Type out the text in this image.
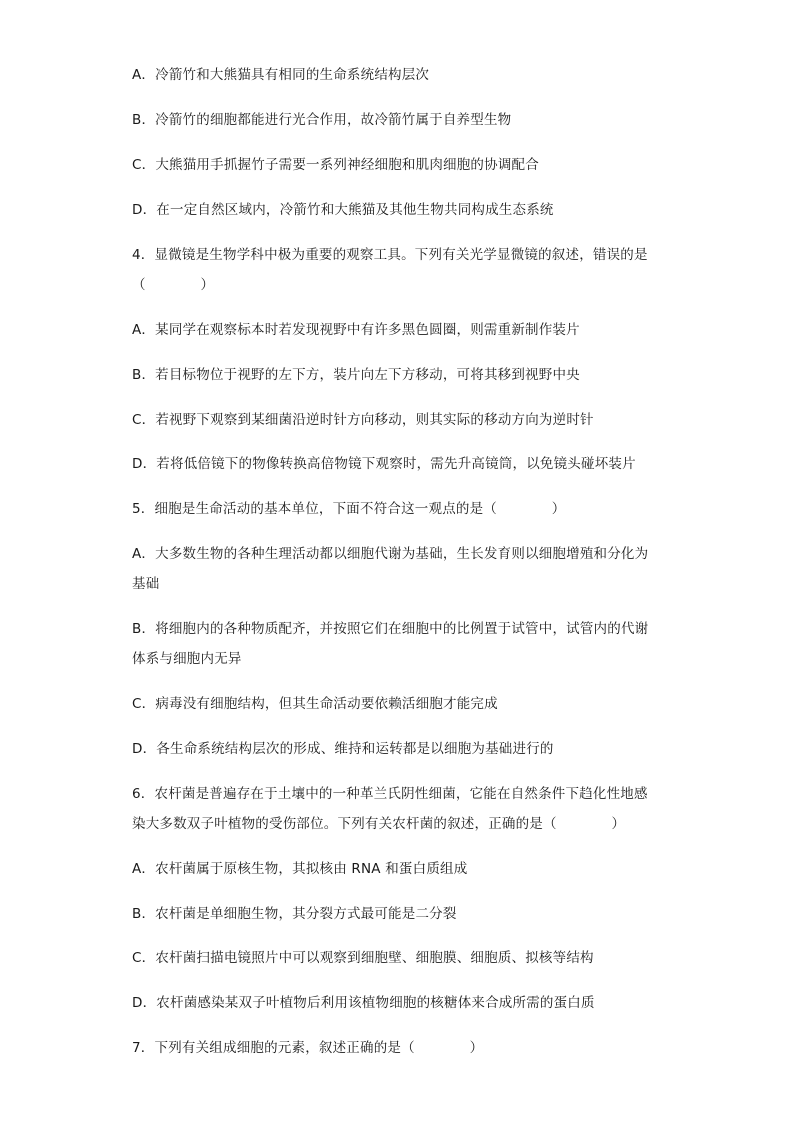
A．冷箭竹和大熊猫具有相同的生命系统结构层次
B．冷箭竹的细胞都能进行光合作用，故冷箭竹属于自养型生物
C．大熊猫用手抓握竹子需要一系列神经细胞和肌肉细胞的协调配合
D．在一定自然区域内，冷箭竹和大熊猫及其他生物共同构成生态系统
4．显微镜是生物学科中极为重要的观察工具。下列有关光学显微镜的叙述，错误的是
（　　　　）
A．某同学在观察标本时若发现视野中有许多黑色圆圈，则需重新制作装片
B．若目标物位于视野的左下方，装片向左下方移动，可将其移到视野中央
C．若视野下观察到某细菌沿逆时针方向移动，则其实际的移动方向为逆时针
D．若将低倍镜下的物像转换高倍物镜下观察时，需先升高镜筒，以免镜头碰坏装片
5．细胞是生命活动的基本单位，下面不符合这一观点的是（　　　　）
A．大多数生物的各种生理活动都以细胞代谢为基础，生长发育则以细胞增殖和分化为
基础
B．将细胞内的各种物质配齐，并按照它们在细胞中的比例置于试管中，试管内的代谢
体系与细胞内无异
C．病毒没有细胞结构，但其生命活动要依赖活细胞才能完成
D．各生命系统结构层次的形成、维持和运转都是以细胞为基础进行的
6．农杆菌是普遍存在于土壤中的一种革兰氏阴性细菌，它能在自然条件下趋化性地感
染大多数双子叶植物的受伤部位。下列有关农杆菌的叙述，正确的是（　　　　）
A．农杆菌属于原核生物，其拟核由 RNA 和蛋白质组成
B．农杆菌是单细胞生物，其分裂方式最可能是二分裂
C．农杆菌扫描电镜照片中可以观察到细胞壁、细胞膜、细胞质、拟核等结构
D．农杆菌感染某双子叶植物后利用该植物细胞的核糖体来合成所需的蛋白质
7．下列有关组成细胞的元素，叙述正确的是（　　　　）
